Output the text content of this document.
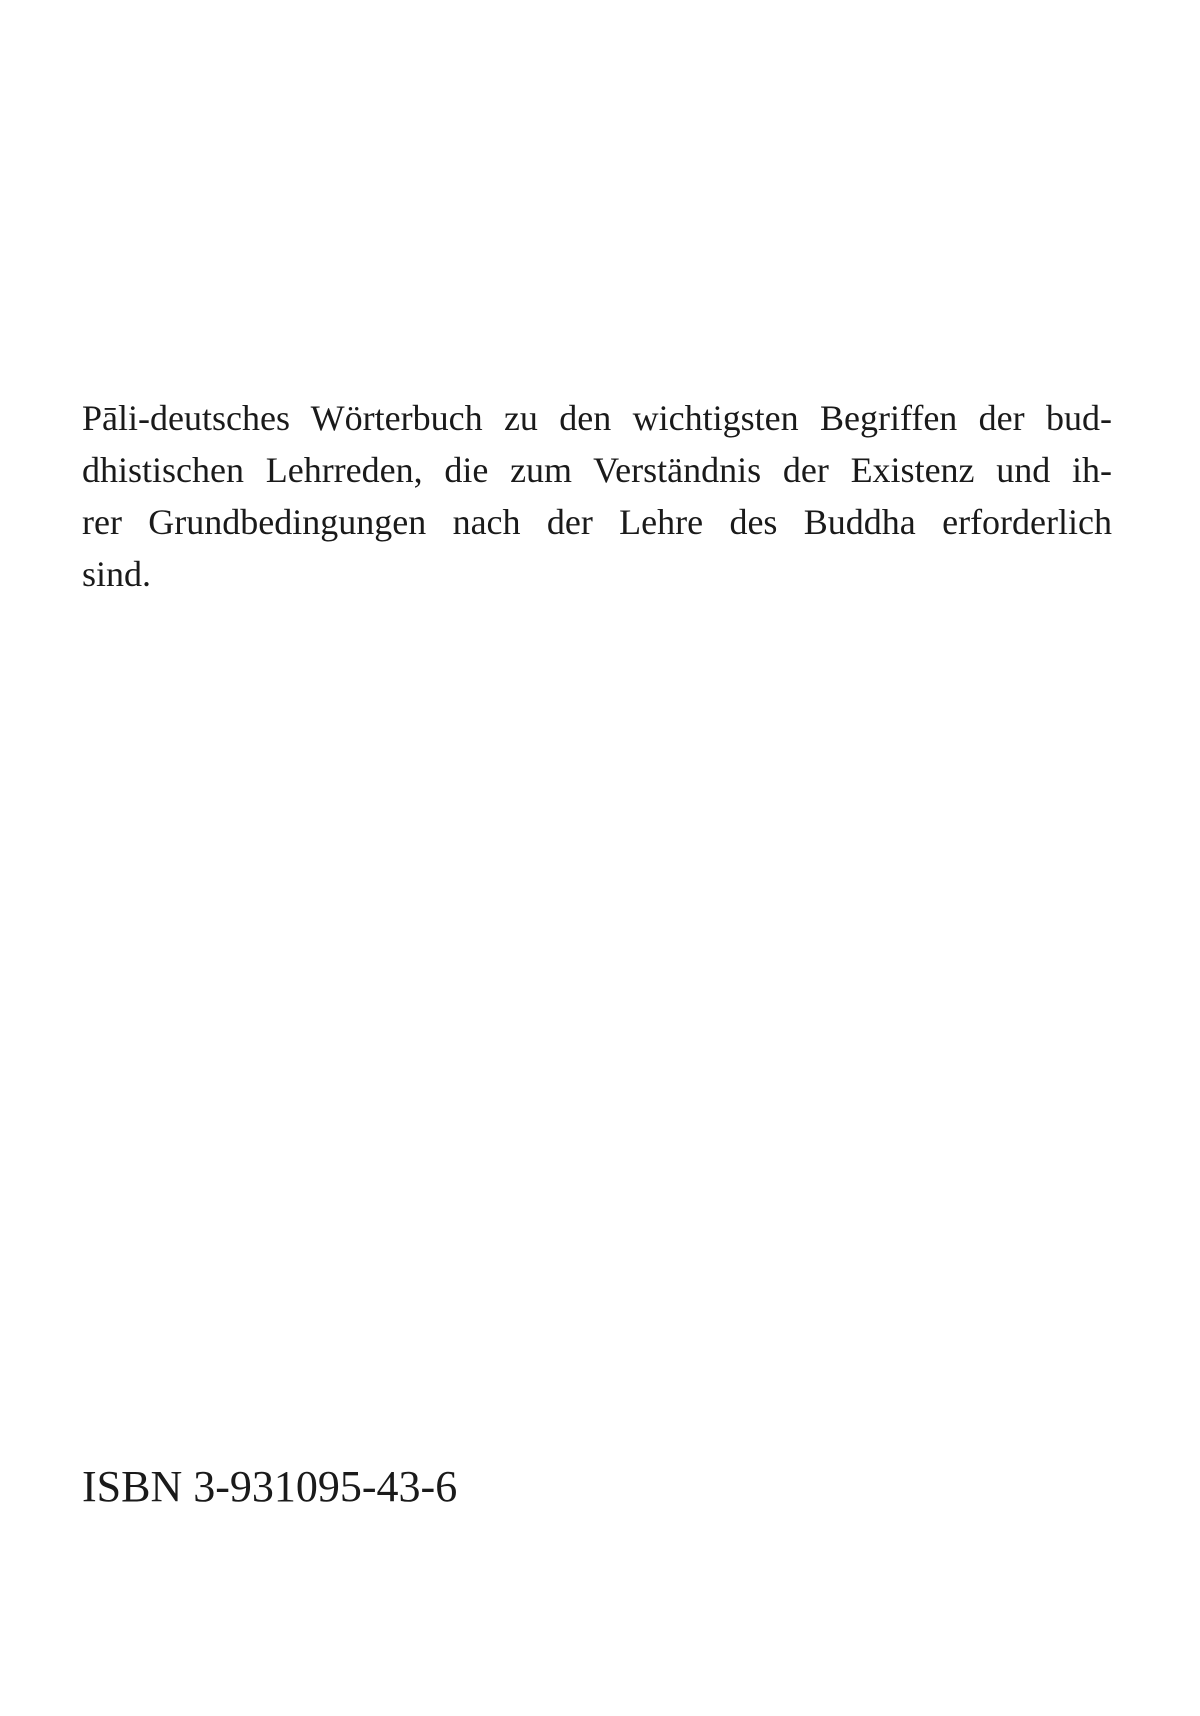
Pāli-deutsches Wörterbuch zu den wichtigsten Begriffen der bud-
dhistischen Lehrreden, die zum Verständnis der Existenz und ih-
rer Grundbedingungen nach der Lehre des Buddha erforderlich
sind.

ISBN 3-931095-43-6
